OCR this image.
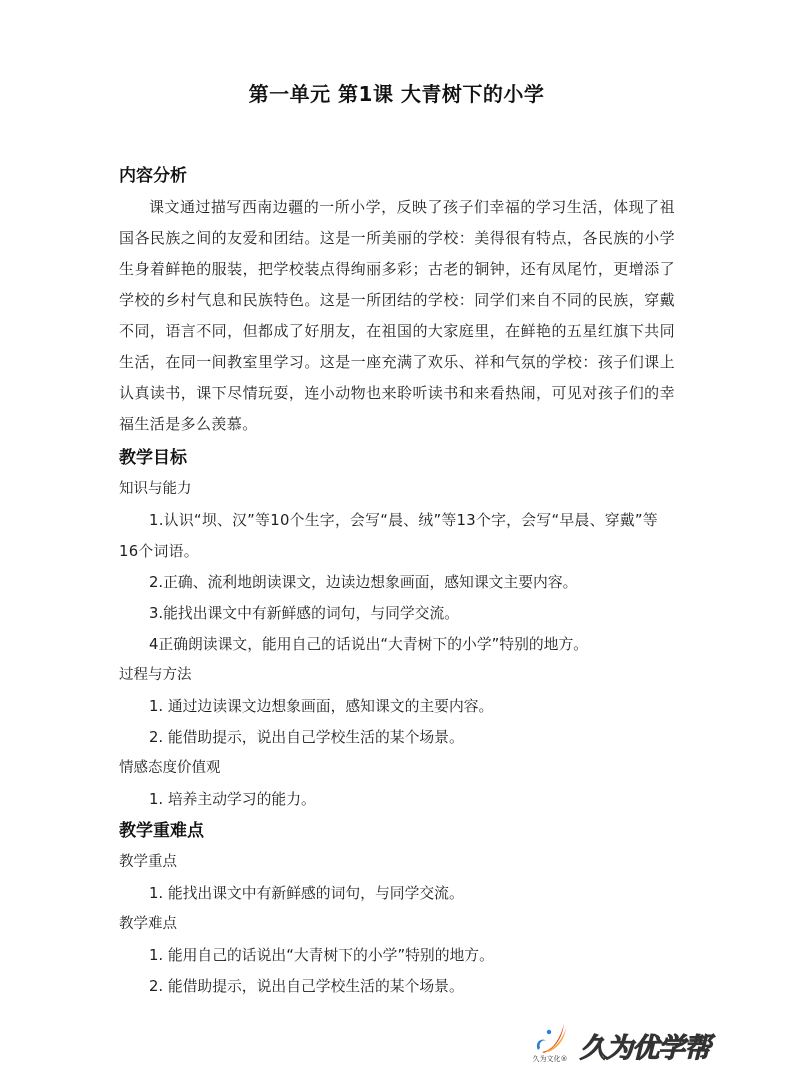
第一单元 第1课 大青树下的小学
内容分析
课文通过描写西南边疆的一所小学，反映了孩子们幸福的学习生活，体现了祖国各民族之间的友爱和团结。这是一所美丽的学校：美得很有特点，各民族的小学生身着鲜艳的服装，把学校装点得绚丽多彩；古老的铜钟，还有凤尾竹，更增添了学校的乡村气息和民族特色。这是一所团结的学校：同学们来自不同的民族，穿戴不同，语言不同，但都成了好朋友，在祖国的大家庭里，在鲜艳的五星红旗下共同生活，在同一间教室里学习。这是一座充满了欢乐、祥和气氛的学校：孩子们课上认真读书，课下尽情玩耍，连小动物也来聆听读书和来看热闹，可见对孩子们的幸福生活是多么羡慕。
教学目标
知识与能力
1.认识“坝、汉”等10个生字，会写“晨、绒”等13个字，会写“早晨、穿戴”等16个词语。
2.正确、流利地朗读课文，边读边想象画面，感知课文主要内容。
3.能找出课文中有新鲜感的词句，与同学交流。
4正确朗读课文，能用自己的话说出“大青树下的小学”特别的地方。
过程与方法
1. 通过边读课文边想象画面，感知课文的主要内容。
2. 能借助提示，说出自己学校生活的某个场景。
情感态度价值观
1. 培养主动学习的能力。
教学重难点
教学重点
1. 能找出课文中有新鲜感的词句，与同学交流。
教学难点
1. 能用自己的话说出“大青树下的小学”特别的地方。
2. 能借助提示，说出自己学校生活的某个场景。
久为文化® 久为优学帮
